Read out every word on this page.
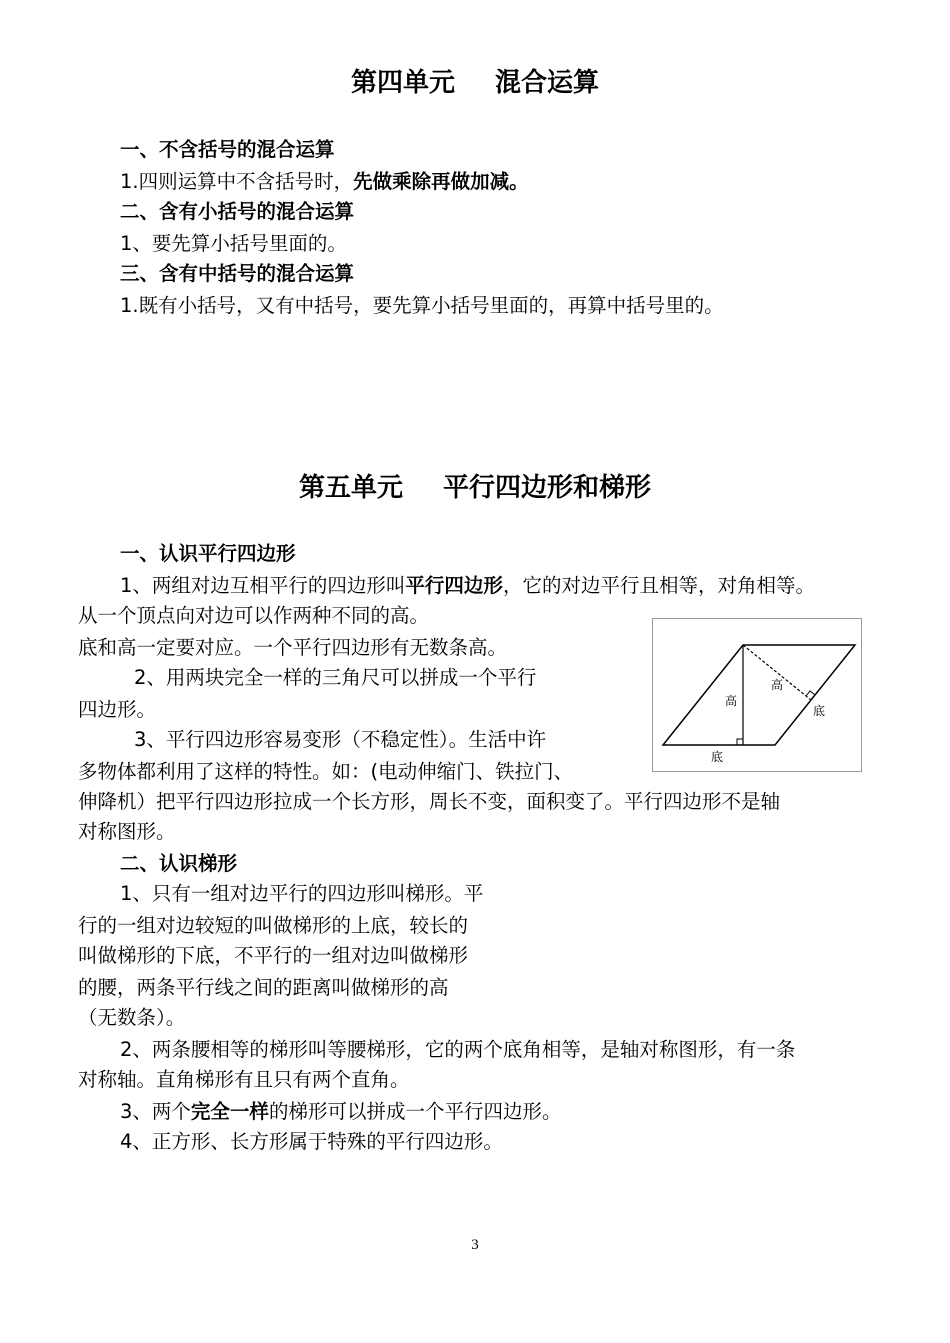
第四单元 混合运算
一、不含括号的混合运算
1.四则运算中不含括号时，先做乘除再做加减。
二、含有小括号的混合运算
1、要先算小括号里面的。
三、含有中括号的混合运算
1.既有小括号，又有中括号，要先算小括号里面的，再算中括号里的。
第五单元 平行四边形和梯形
一、认识平行四边形
1、两组对边互相平行的四边形叫平行四边形，它的对边平行且相等，对角相等。
从一个顶点向对边可以作两种不同的高。
底和高一定要对应。一个平行四边形有无数条高。
2、用两块完全一样的三角尺可以拼成一个平行
四边形。
3、平行四边形容易变形（不稳定性）。生活中许
多物体都利用了这样的特性。如：(电动伸缩门、铁拉门、
伸降机）把平行四边形拉成一个长方形，周长不变，面积变了。平行四边形不是轴
对称图形。
高
高
底
底
二、认识梯形
1、只有一组对边平行的四边形叫梯形。平
行的一组对边较短的叫做梯形的上底，较长的
叫做梯形的下底，不平行的一组对边叫做梯形
的腰，两条平行线之间的距离叫做梯形的高
（无数条）。
2、两条腰相等的梯形叫等腰梯形，它的两个底角相等，是轴对称图形，有一条
对称轴。直角梯形有且只有两个直角。
3、两个完全一样的梯形可以拼成一个平行四边形。
4、正方形、长方形属于特殊的平行四边形。
3
